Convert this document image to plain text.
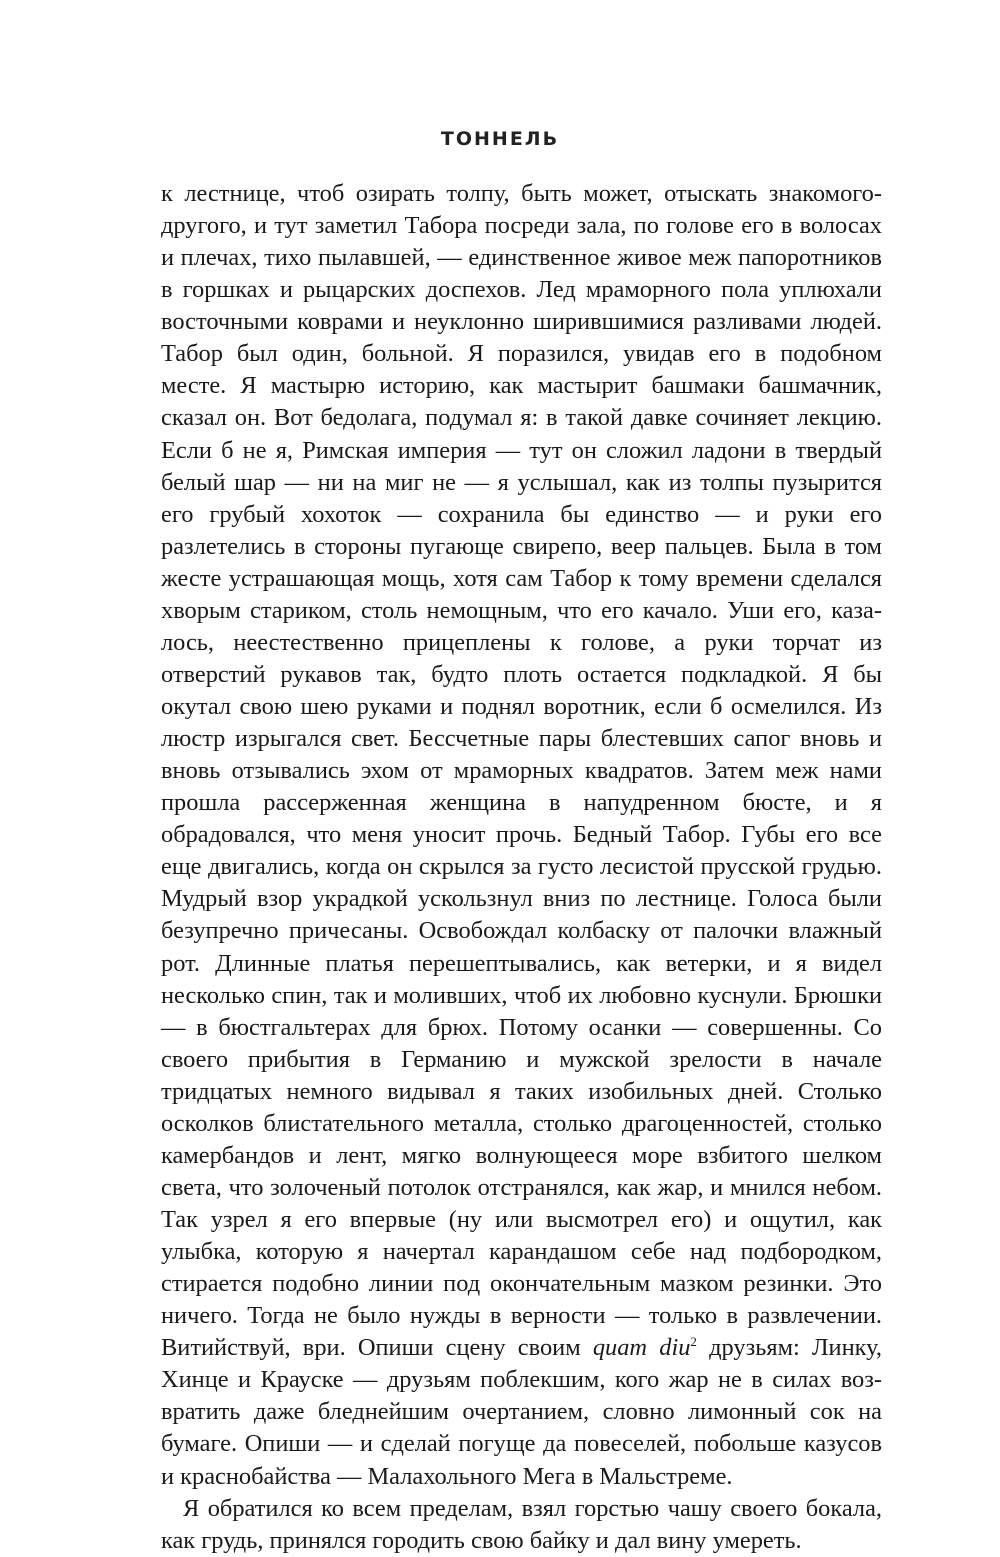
ТОННЕЛЬ

к лестнице, чтоб озирать толпу, быть может, отыскать знакомого-другого, и тут заметил Табора посреди зала, по голове его в волосах и плечах, тихо пылавшей, — единственное живое меж папоротников в горшках и рыцарских доспехов. Лед мраморного пола уплюхали восточными коврами и неуклонно ширившимися разливами людей. Табор был один, больной. Я поразился, увидав его в подобном месте. Я мастырю историю, как мастырит башмаки башмачник, сказал он. Вот бедолага, подумал я: в такой давке сочиняет лекцию. Если б не я, Римская империя — тут он сложил ладони в твердый белый шар — ни на миг не — я услышал, как из толпы пузырится его грубый хохоток — сохранила бы единство — и руки его разлетелись в стороны пугающе свирепо, веер пальцев. Была в том жесте устрашающая мощь, хотя сам Табор к тому времени сделался хворым стариком, столь немощным, что его качало. Уши его, казалось, неестественно прицеплены к голове, а руки торчат из отверстий рукавов так, будто плоть остается подкладкой. Я бы окутал свою шею руками и поднял воротник, если б осмелился. Из люстр изрыгался свет. Бессчетные пары блестевших сапог вновь и вновь отзывались эхом от мраморных квадратов. Затем меж нами прошла рассерженная женщина в напудренном бюсте, и я обрадовался, что меня уносит прочь. Бедный Табор. Губы его все еще двигались, когда он скрылся за густо лесистой прусской грудью. Мудрый взор украдкой ускользнул вниз по лестнице. Голоса были безупречно причесаны. Освобождал колбаску от палочки влажный рот. Длинные платья перешептывались, как ветерки, и я видел несколько спин, так и моливших, чтоб их любовно куснули. Брюшки — в бюстгальтерах для брюх. Потому осанки — совершенны. Со своего прибытия в Германию и мужской зрелости в начале тридцатых немного видывал я таких изобильных дней. Столько осколков блистательного металла, столько драгоценностей, столько камербандов и лент, мягко волнующееся море взбитого шелком света, что золоченый потолок отстранялся, как жар, и мнился небом. Так узрел я его впервые (ну или высмотрел его) и ощутил, как улыбка, которую я начертал карандашом себе над подбородком, стирается подобно линии под окончательным мазком резинки. Это ничего. Тогда не было нужды в верности — только в развлечении. Витийствуй, ври. Опиши сцену своим quam diu$^2$ друзьям: Линку, Хинце и Крауске — друзьям поблекшим, кого жар не в силах возвратить даже бледнейшим очертанием, словно лимонный сок на бумаге. Опиши — и сделай погуще да повеселей, побольше казусов и краснобайства — Малахольного Мега в Мальстреме.

Я обратился ко всем пределам, взял горстью чашу своего бокала, как грудь, принялся городить свою байку и дал вину умереть.
